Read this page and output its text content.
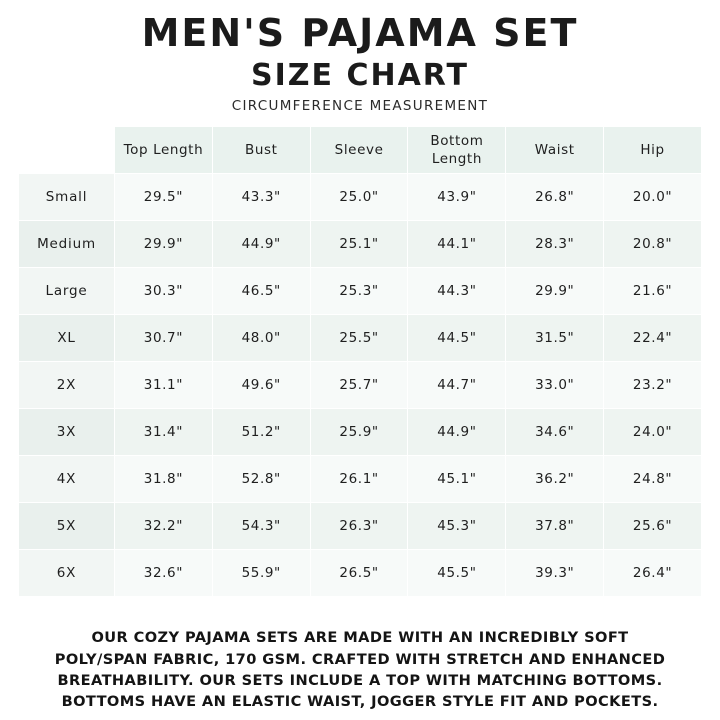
MEN'S PAJAMA SET
SIZE CHART

CIRCUMFERENCE MEASUREMENT

	Top Length	Bust	Sleeve	Bottom Length	Waist	Hip
Small	29.5"	43.3"	25.0"	43.9"	26.8"	20.0"
Medium	29.9"	44.9"	25.1"	44.1"	28.3"	20.8"
Large	30.3"	46.5"	25.3"	44.3"	29.9"	21.6"
XL	30.7"	48.0"	25.5"	44.5"	31.5"	22.4"
2X	31.1"	49.6"	25.7"	44.7"	33.0"	23.2"
3X	31.4"	51.2"	25.9"	44.9"	34.6"	24.0"
4X	31.8"	52.8"	26.1"	45.1"	36.2"	24.8"
5X	32.2"	54.3"	26.3"	45.3"	37.8"	25.6"
6X	32.6"	55.9"	26.5"	45.5"	39.3"	26.4"

OUR COZY PAJAMA SETS ARE MADE WITH AN INCREDIBLY SOFT

POLY/SPAN FABRIC, 170 GSM. CRAFTED WITH STRETCH AND ENHANCED

BREATHABILITY. OUR SETS INCLUDE A TOP WITH MATCHING BOTTOMS.

BOTTOMS HAVE AN ELASTIC WAIST, JOGGER STYLE FIT AND POCKETS.
